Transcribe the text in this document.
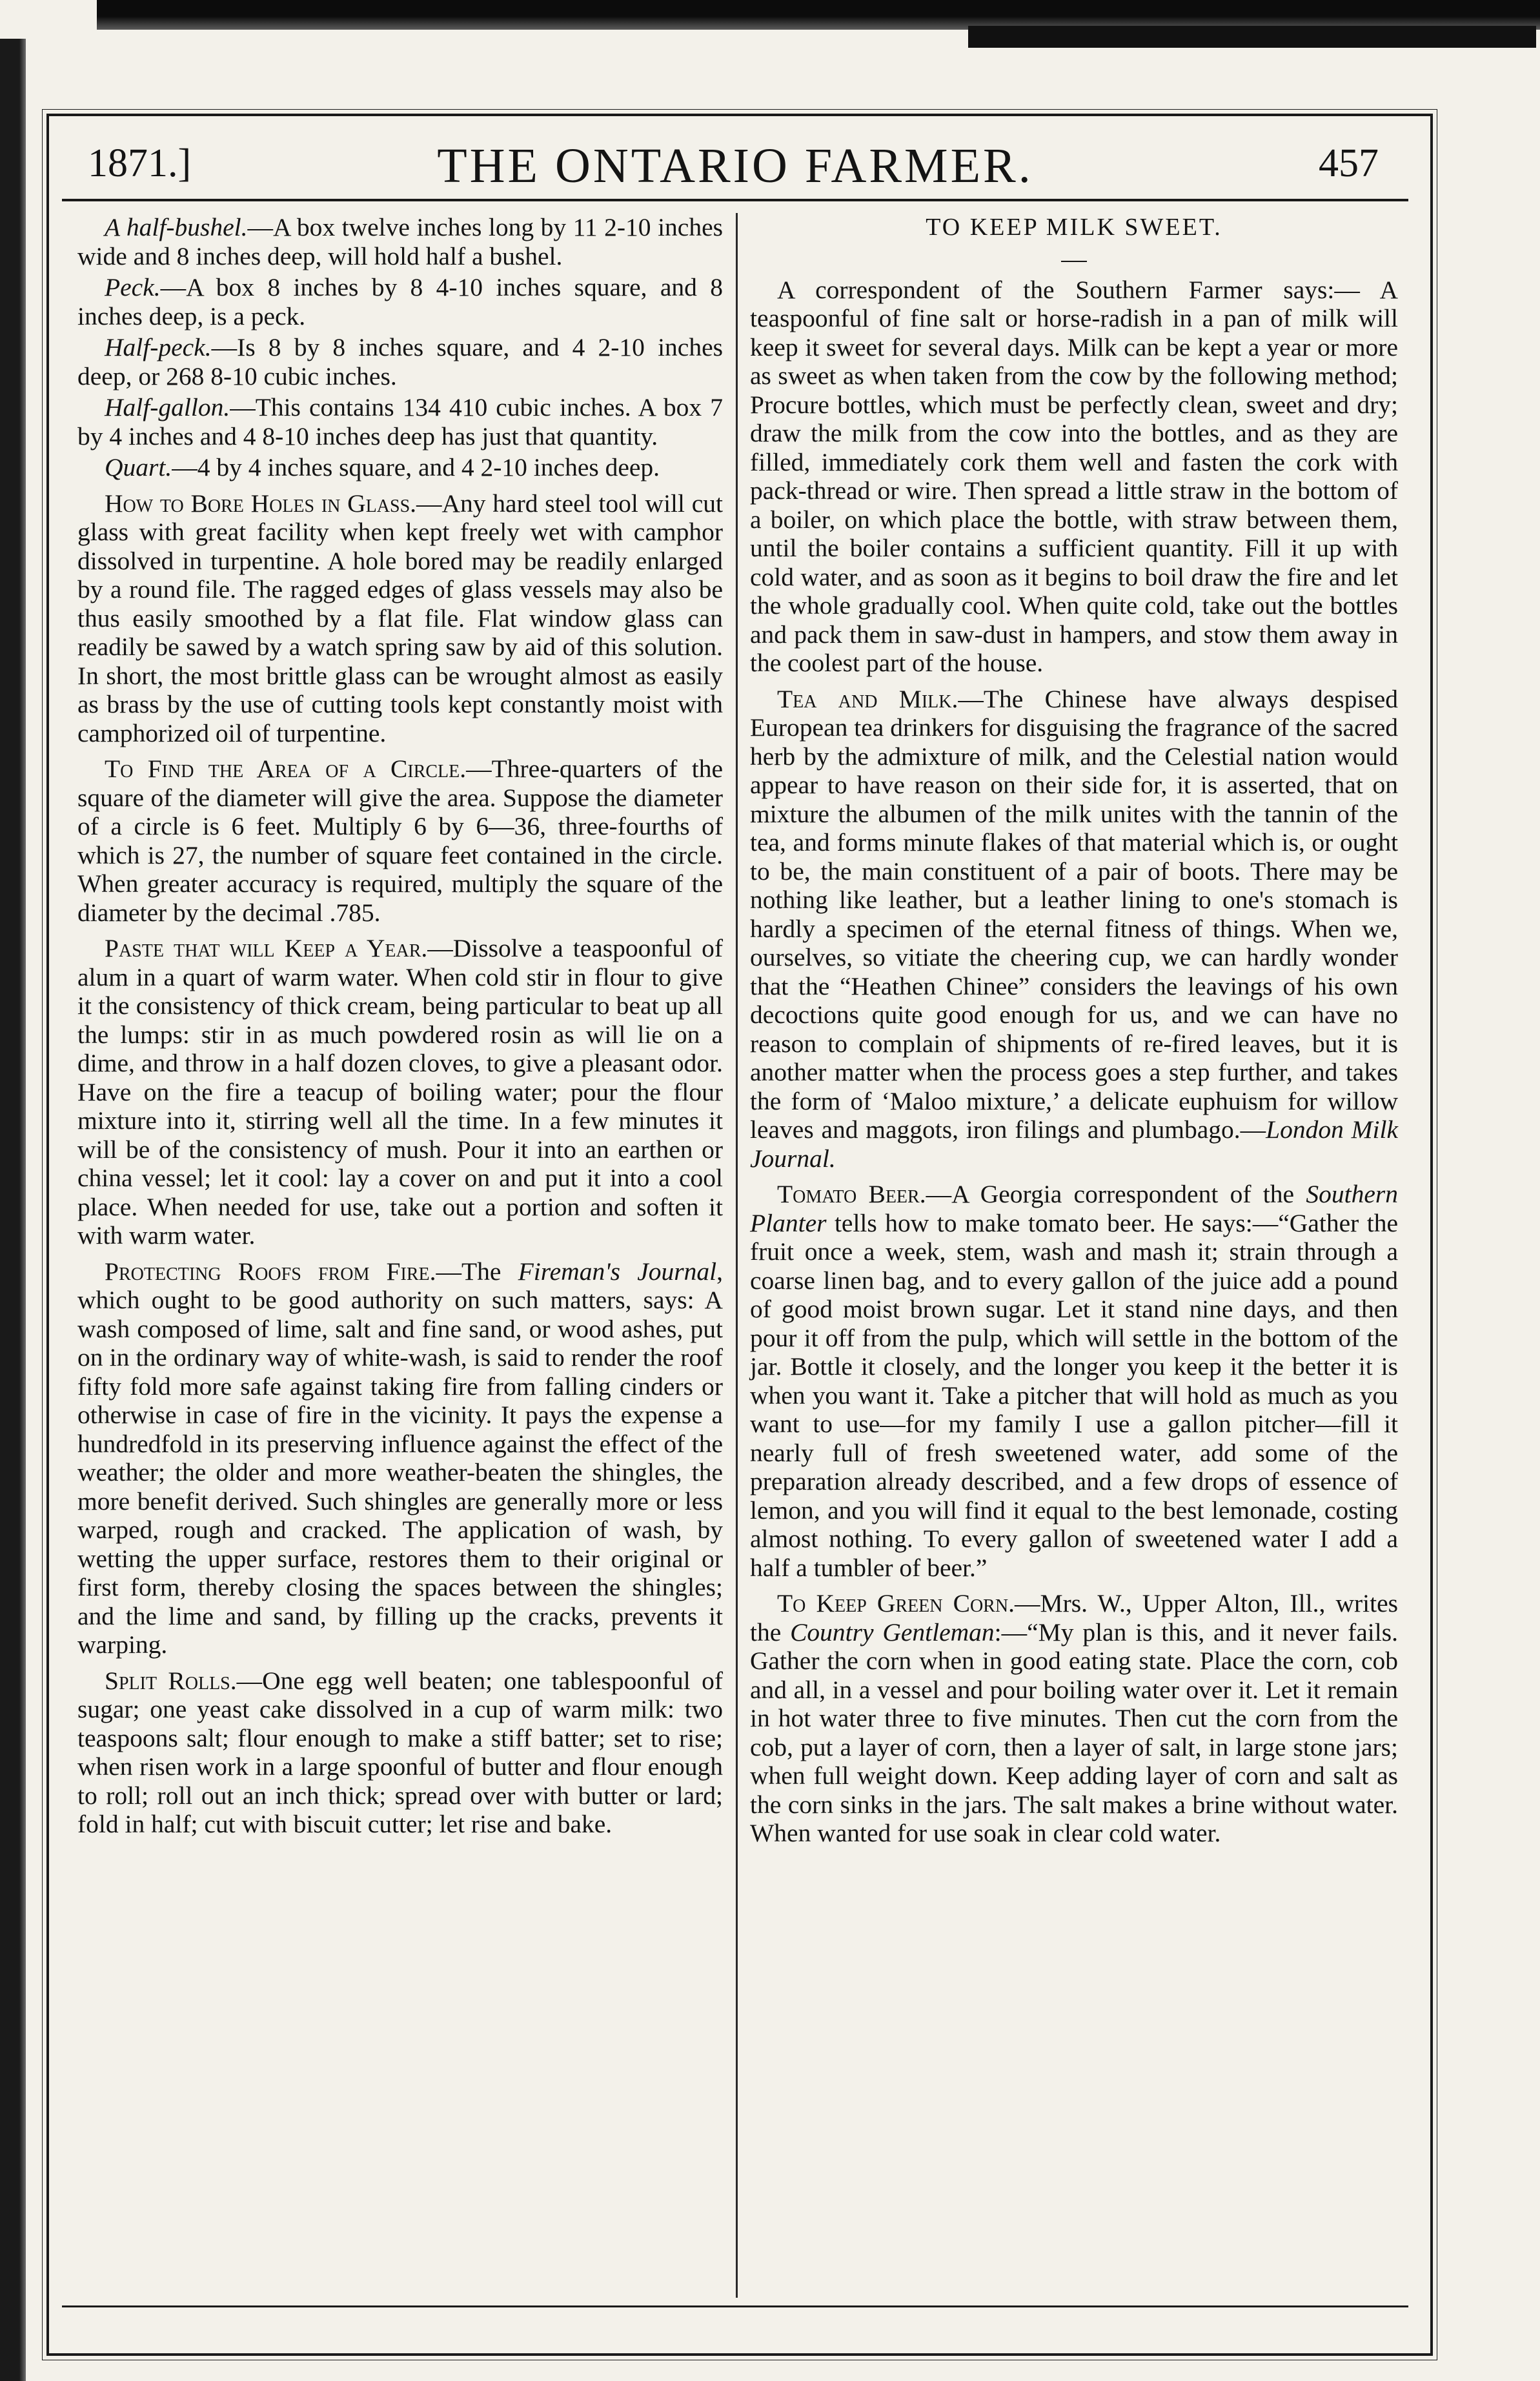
1871.]	THE ONTARIO FARMER.	457

A half-bushel.—A box twelve inches long by 11 2-10 inches wide and 8 inches deep, will hold half a bushel.

Peck.—A box 8 inches by 8 4-10 inches square, and 8 inches deep, is a peck.

Half-peck.—Is 8 by 8 inches square, and 4 2-10 inches deep, or 268 8-10 cubic inches.

Half-gallon.—This contains 134 410 cubic inches. A box 7 by 4 inches and 4 8-10 inches deep has just that quantity.

Quart.—4 by 4 inches square, and 4 2-10 inches deep.

How to Bore Holes in Glass.—Any hard steel tool will cut glass with great facility when kept freely wet with camphor dissolved in turpentine. A hole bored may be readily enlarged by a round file. The ragged edges of glass vessels may also be thus easily smoothed by a flat file. Flat window glass can readily be sawed by a watch spring saw by aid of this solution. In short, the most brittle glass can be wrought almost as easily as brass by the use of cutting tools kept constantly moist with camphorized oil of turpentine.

To Find the Area of a Circle.—Three-quarters of the square of the diameter will give the area. Suppose the diameter of a circle is 6 feet. Multiply 6 by 6—36, three-fourths of which is 27, the number of square feet contained in the circle. When greater accuracy is required, multiply the square of the diameter by the decimal .785.

Paste that will Keep a Year.—Dissolve a teaspoonful of alum in a quart of warm water. When cold stir in flour to give it the consistency of thick cream, being particular to beat up all the lumps: stir in as much powdered rosin as will lie on a dime, and throw in a half dozen cloves, to give a pleasant odor. Have on the fire a teacup of boiling water; pour the flour mixture into it, stirring well all the time. In a few minutes it will be of the consistency of mush. Pour it into an earthen or china vessel; let it cool: lay a cover on and put it into a cool place. When needed for use, take out a portion and soften it with warm water.

Protecting Roofs from Fire.—The Fireman's Journal, which ought to be good authority on such matters, says: A wash composed of lime, salt and fine sand, or wood ashes, put on in the ordinary way of white-wash, is said to render the roof fifty fold more safe against taking fire from falling cinders or otherwise in case of fire in the vicinity. It pays the expense a hundredfold in its preserving influence against the effect of the weather; the older and more weather-beaten the shingles, the more benefit derived. Such shingles are generally more or less warped, rough and cracked. The application of wash, by wetting the upper surface, restores them to their original or first form, thereby closing the spaces between the shingles; and the lime and sand, by filling up the cracks, prevents it warping.

Split Rolls.—One egg well beaten; one tablespoonful of sugar; one yeast cake dissolved in a cup of warm milk: two teaspoons salt; flour enough to make a stiff batter; set to rise; when risen work in a large spoonful of butter and flour enough to roll; roll out an inch thick; spread over with butter or lard; fold in half; cut with biscuit cutter; let rise and bake.

TO KEEP MILK SWEET.

—

A correspondent of the Southern Farmer says:— A teaspoonful of fine salt or horse-radish in a pan of milk will keep it sweet for several days. Milk can be kept a year or more as sweet as when taken from the cow by the following method; Procure bottles, which must be perfectly clean, sweet and dry; draw the milk from the cow into the bottles, and as they are filled, immediately cork them well and fasten the cork with pack-thread or wire. Then spread a little straw in the bottom of a boiler, on which place the bottle, with straw between them, until the boiler contains a sufficient quantity. Fill it up with cold water, and as soon as it begins to boil draw the fire and let the whole gradually cool. When quite cold, take out the bottles and pack them in saw-dust in hampers, and stow them away in the coolest part of the house.

Tea and Milk.—The Chinese have always despised European tea drinkers for disguising the fragrance of the sacred herb by the admixture of milk, and the Celestial nation would appear to have reason on their side for, it is asserted, that on mixture the albumen of the milk unites with the tannin of the tea, and forms minute flakes of that material which is, or ought to be, the main constituent of a pair of boots. There may be nothing like leather, but a leather lining to one's stomach is hardly a specimen of the eternal fitness of things. When we, ourselves, so vitiate the cheering cup, we can hardly wonder that the “Heathen Chinee” considers the leavings of his own decoctions quite good enough for us, and we can have no reason to complain of shipments of re-fired leaves, but it is another matter when the process goes a step further, and takes the form of ‘Maloo mixture,’ a delicate euphuism for willow leaves and maggots, iron filings and plumbago.—London Milk Journal.

Tomato Beer.—A Georgia correspondent of the Southern Planter tells how to make tomato beer. He says:—“Gather the fruit once a week, stem, wash and mash it; strain through a coarse linen bag, and to every gallon of the juice add a pound of good moist brown sugar. Let it stand nine days, and then pour it off from the pulp, which will settle in the bottom of the jar. Bottle it closely, and the longer you keep it the better it is when you want it. Take a pitcher that will hold as much as you want to use—for my family I use a gallon pitcher—fill it nearly full of fresh sweetened water, add some of the preparation already described, and a few drops of essence of lemon, and you will find it equal to the best lemonade, costing almost nothing. To every gallon of sweetened water I add a half a tumbler of beer.”

To Keep Green Corn.—Mrs. W., Upper Alton, Ill., writes the Country Gentleman:—“My plan is this, and it never fails. Gather the corn when in good eating state. Place the corn, cob and all, in a vessel and pour boiling water over it. Let it remain in hot water three to five minutes. Then cut the corn from the cob, put a layer of corn, then a layer of salt, in large stone jars; when full weight down. Keep adding layer of corn and salt as the corn sinks in the jars. The salt makes a brine without water. When wanted for use soak in clear cold water.
